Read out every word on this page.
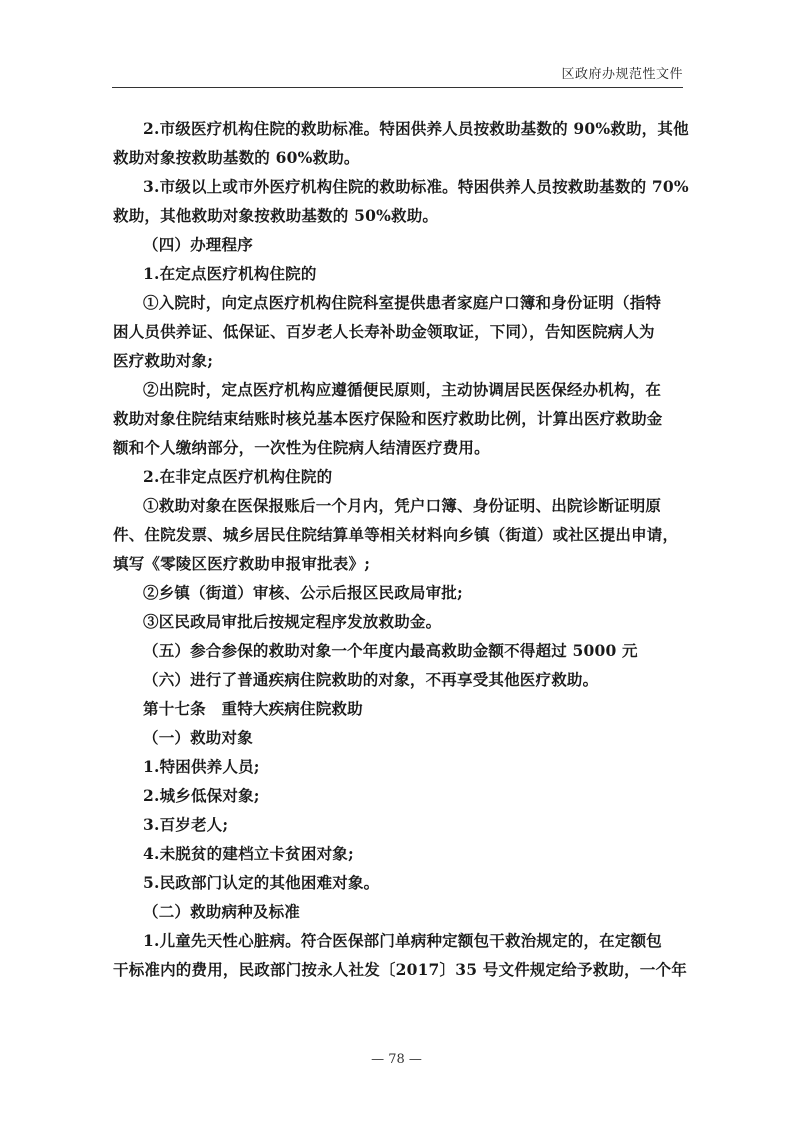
区政府办规范性文件
2.市级医疗机构住院的救助标准。特困供养人员按救助基数的 90%救助，其他
救助对象按救助基数的 60%救助。
3.市级以上或市外医疗机构住院的救助标准。特困供养人员按救助基数的 70%
救助，其他救助对象按救助基数的 50%救助。
（四）办理程序
1.在定点医疗机构住院的
①入院时，向定点医疗机构住院科室提供患者家庭户口簿和身份证明（指特
困人员供养证、低保证、百岁老人长寿补助金领取证，下同），告知医院病人为
医疗救助对象;
②出院时，定点医疗机构应遵循便民原则，主动协调居民医保经办机构，在
救助对象住院结束结账时核兑基本医疗保险和医疗救助比例，计算出医疗救助金
额和个人缴纳部分，一次性为住院病人结清医疗费用。
2.在非定点医疗机构住院的
①救助对象在医保报账后一个月内，凭户口簿、身份证明、出院诊断证明原
件、住院发票、城乡居民住院结算单等相关材料向乡镇（街道）或社区提出申请，
填写《零陵区医疗救助申报审批表》;
②乡镇（街道）审核、公示后报区民政局审批;
③区民政局审批后按规定程序发放救助金。
（五）参合参保的救助对象一个年度内最高救助金额不得超过 5000 元
（六）进行了普通疾病住院救助的对象，不再享受其他医疗救助。
第十七条　重特大疾病住院救助
（一）救助对象
1.特困供养人员;
2.城乡低保对象;
3.百岁老人;
4.未脱贫的建档立卡贫困对象;
5.民政部门认定的其他困难对象。
（二）救助病种及标准
1.儿童先天性心脏病。符合医保部门单病种定额包干救治规定的，在定额包
干标准内的费用，民政部门按永人社发〔2017〕35 号文件规定给予救助，一个年
— 78 —
